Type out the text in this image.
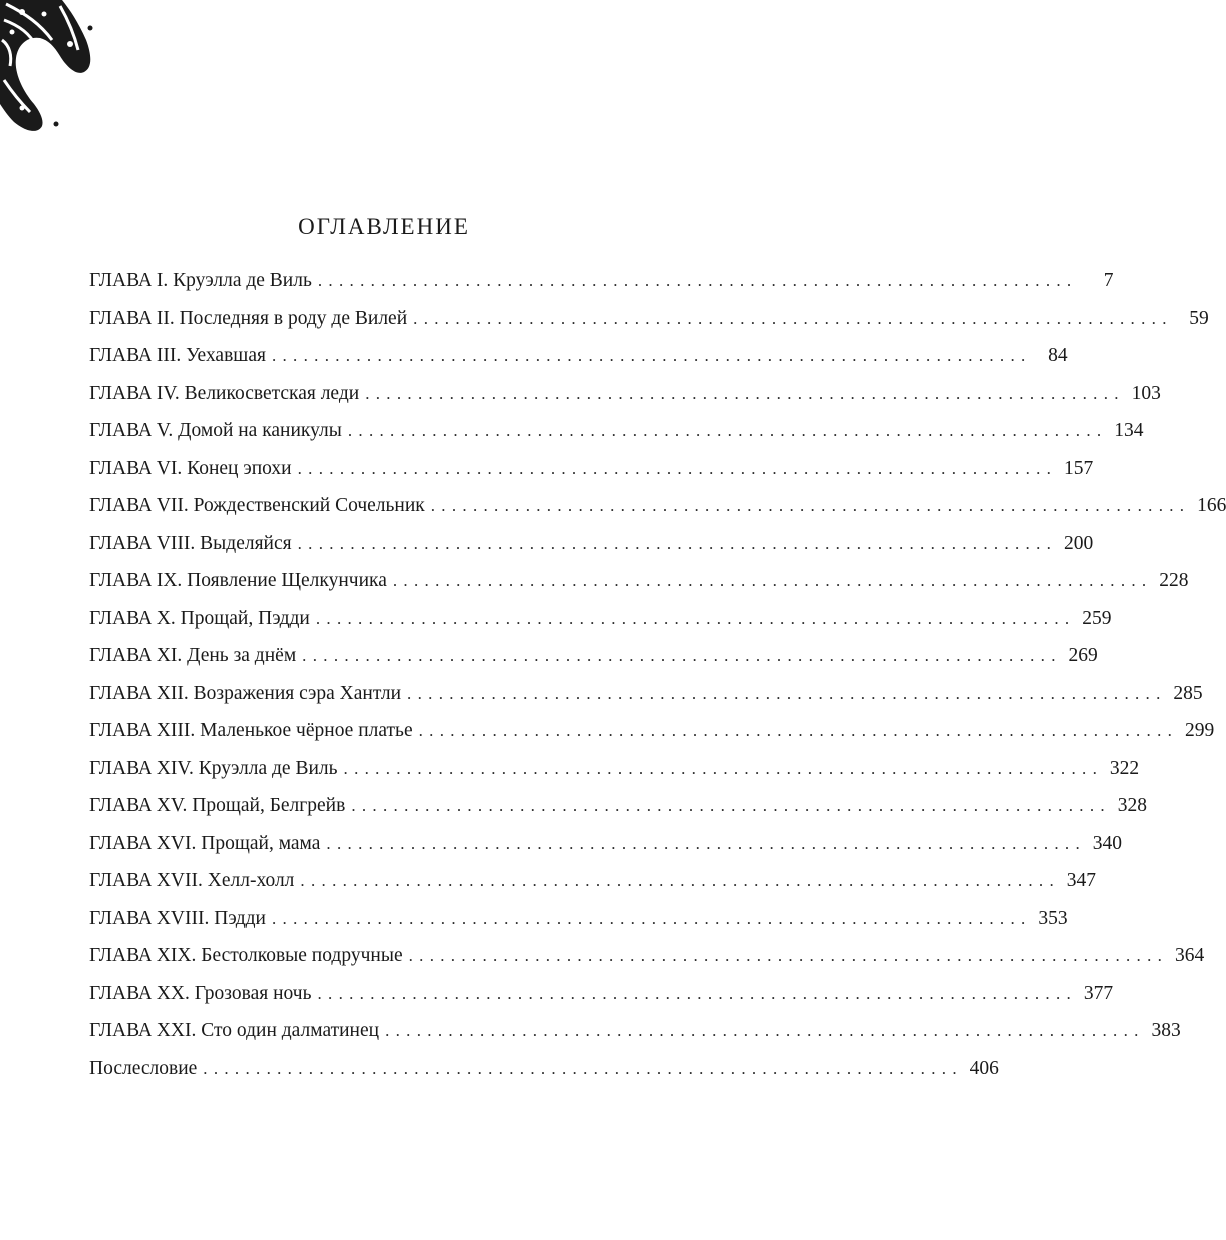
ОГЛАВЛЕНИЕ
ГЛАВА I. Круэлла де Виль ........................................................................	7
ГЛАВА II. Последняя в роду де Вилей ........................................................................ 59
ГЛАВА III. Уехавшая ........................................................................ 84
ГЛАВА IV. Великосветская леди ........................................................................ 103
ГЛАВА V. Домой на каникулы ........................................................................ 134
ГЛАВА VI. Конец эпохи ........................................................................ 157
ГЛАВА VII. Рождественский Сочельник ........................................................................ 166
ГЛАВА VIII. Выделяйся ........................................................................ 200
ГЛАВА IX. Появление Щелкунчика ........................................................................ 228
ГЛАВА X. Прощай, Пэдди ........................................................................ 259
ГЛАВА XI. День за днём ........................................................................ 269
ГЛАВА XII. Возражения сэра Хантли ........................................................................ 285
ГЛАВА XIII. Маленькое чёрное платье ........................................................................ 299
ГЛАВА XIV. Круэлла де Виль ........................................................................ 322
ГЛАВА XV. Прощай, Белгрейв ........................................................................ 328
ГЛАВА XVI. Прощай, мама ........................................................................ 340
ГЛАВА XVII. Хелл-холл ........................................................................ 347
ГЛАВА XVIII. Пэдди ........................................................................ 353
ГЛАВА XIX. Бестолковые подручные ........................................................................ 364
ГЛАВА XX. Грозовая ночь ........................................................................ 377
ГЛАВА XXI. Сто один далматинец ........................................................................ 383
Послесловие ........................................................................ 406
